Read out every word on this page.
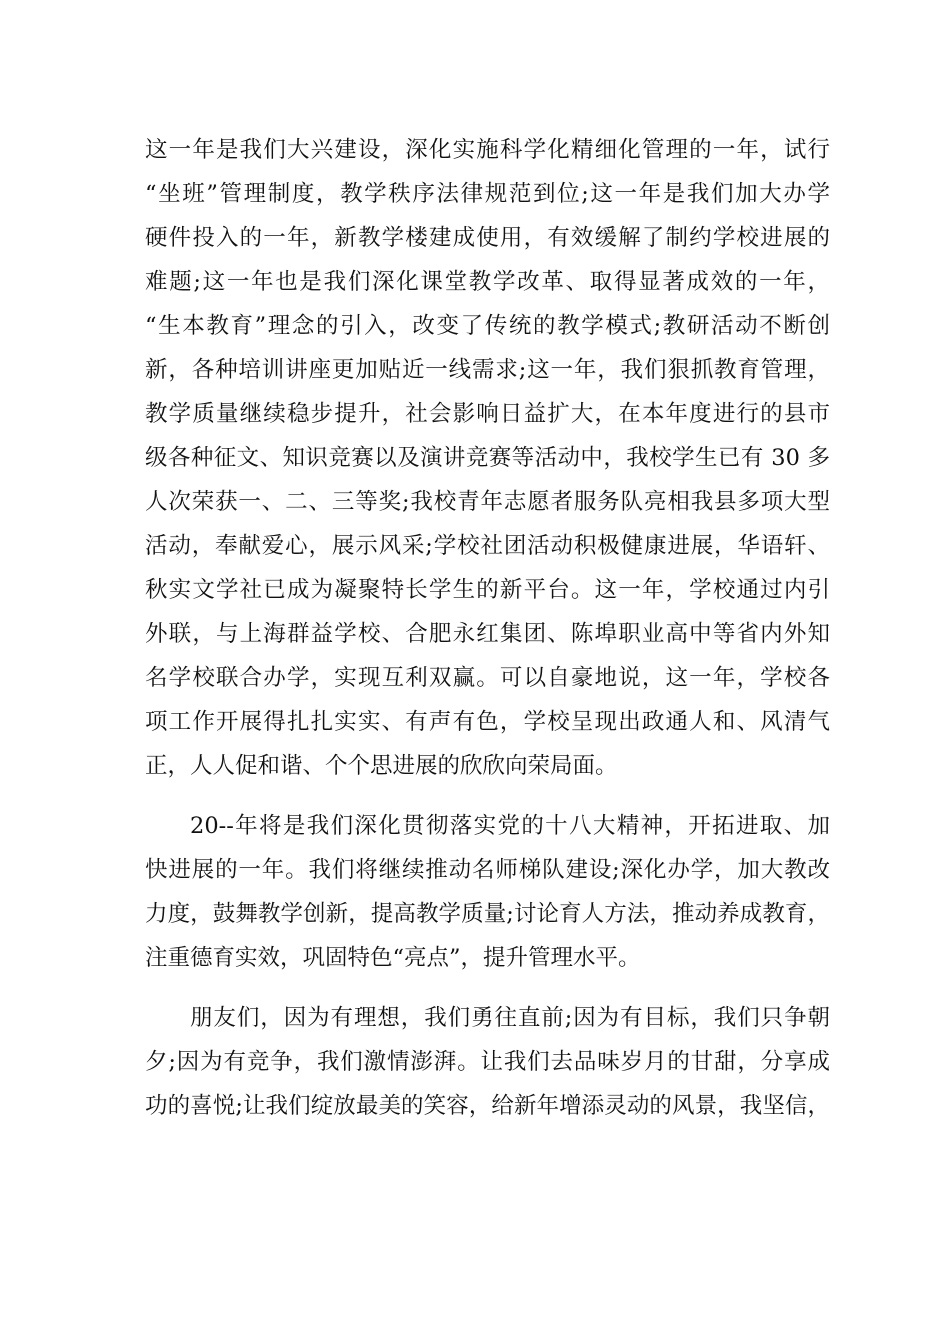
这一年是我们大兴建设，深化实施科学化精细化管理的一年，试行
“坐班”管理制度，教学秩序法律规范到位;这一年是我们加大办学
硬件投入的一年，新教学楼建成使用，有效缓解了制约学校进展的
难题;这一年也是我们深化课堂教学改革、取得显著成效的一年，
“生本教育”理念的引入，改变了传统的教学模式;教研活动不断创
新，各种培训讲座更加贴近一线需求;这一年，我们狠抓教育管理，
教学质量继续稳步提升，社会影响日益扩大，在本年度进行的县市
级各种征文、知识竞赛以及演讲竞赛等活动中，我校学生已有 30 多
人次荣获一、二、三等奖;我校青年志愿者服务队亮相我县多项大型
活动，奉献爱心，展示风采;学校社团活动积极健康进展，华语轩、
秋实文学社已成为凝聚特长学生的新平台。这一年，学校通过内引
外联，与上海群益学校、合肥永红集团、陈埠职业高中等省内外知
名学校联合办学，实现互利双赢。可以自豪地说，这一年，学校各
项工作开展得扎扎实实、有声有色，学校呈现出政通人和、风清气
正，人人促和谐、个个思进展的欣欣向荣局面。
20--年将是我们深化贯彻落实党的十八大精神，开拓进取、加
快进展的一年。我们将继续推动名师梯队建设;深化办学，加大教改
力度，鼓舞教学创新，提高教学质量;讨论育人方法，推动养成教育，
注重德育实效，巩固特色“亮点”，提升管理水平。
朋友们，因为有理想，我们勇往直前;因为有目标，我们只争朝
夕;因为有竞争，我们激情澎湃。让我们去品味岁月的甘甜，分享成
功的喜悦;让我们绽放最美的笑容，给新年增添灵动的风景，我坚信，
